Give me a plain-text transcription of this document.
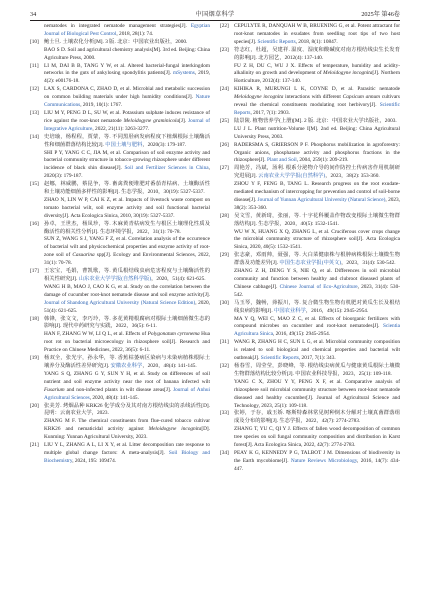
34	中国烟草科学	2025年 第46卷

nematodes in integrated nematode management strategies[J]. Egyptian Journal of Biological Pest Control, 2018, 28(1): 74.

[10] 鲍士旦. 土壤农化分析[M]. 3 版. 北京：中国农业出版社，2000.

BAO S D. Soil and agricultural chemistry analysis[M]. 3rd ed. Beijing: China Agriculture Press, 2000.

[11] LI M, DAI B B, TANG Y W, et al. Altered bacterial-fungal interkingdom networks in the guts of ankylosing spondylitis patients[J]. mSystems, 2019, 4(2): e00176-18.

[12] LAX S, CARDONA C, ZHAO D, et al. Microbial and metabolic succession on common building materials under high humidity conditions[J]. Nature Communications, 2019, 10(1): 1767.

[13] LIU M Y, PENG D L, SU W, et al. Potassium sulphate induces resistance of rice against the root-knot nematode Meloidogyne graminicola[J]. Journal of Integrative Agriculture, 2022, 21(11): 3263-3277.

[14] 史培瑜，杨程程，贾蒙，等. 不同黑胫病发病程度下植烟根际土壤酶活性和细菌群落结构比较[J]. 中国土壤与肥料，2020(3): 179-187.

SHI P Y, YANG C C, JIA M, et al. Comparison of soil enzyme activity and bacterial community structure in tobacco-growing rhizosphere under different incidence of black shin disease[J]. Soil and Fertilizer Sciences in China, 2020(3): 179-187.

[15] 赵娜，林威鹏，蔡昆争，等. 畜禽粪便堆肥对番茄青枯病、土壤酶活性和土壤功能细菌多样性的影响[J]. 生态学报，2010，30(19): 5327-5337.

ZHAO N, LIN W P, CAI K Z, et al. Impacts of livestock waste compost on tomato bacterial wilt, soil enzyme activity and soil functional bacterial diversity[J]. Acta Ecologica Sinica, 2010, 30(19): 5327-5337.

[16] 孙卓，王世杰，杨凤珍，等. 木麻黄青枯病发生与根区土壤理化性质及酶活性的相关性分析[J]. 生态环境学报，2022，31(1): 70-78.

SUN Z, WANG S J, YANG F Z, et al. Correlation analysis of the occurrence of bacterial wilt and physicochemical properties and enzyme activity of root-zone soil of Casuarina spp[J]. Ecology and Environmental Sciences, 2022, 31(1): 70-78.

[17] 王宏宝，毛娟，曹凯歌，等. 黄瓜根结线虫病危害程度与土壤酶活性的相关性研究[J]. 山东农业大学学报(自然科学版)，2020，51(4): 621-625.

WANG H B, MAO J, CAO K G, et al. Study on the correlation between the damage of cucumber root-knot nematode disease and soil enzyme activity[J]. Journal of Shandong Agricultural University (Natural Science Edition), 2020, 51(4): 621-625.

[18] 韩锋，张文文，李巧玲，等. 多花黄精根腐病对根际土壤细菌微生态的影响[J]. 现代中药研究与实践，2022，36(5): 6-11.

HAN F, ZHANG W W, LI Q L, et al. Effects of Polygonatum cyrtonema Hua root rot on bacterial microecology in rhizosphere soil[J]. Research and Practice on Chinese Medicines, 2022, 36(5): 6-11.

[19] 杨双全，张光宇，孙永华，等. 香蕉枯萎病区染病与未染病植株根际土壤养分及酶活性差异研究[J]. 安徽农业科学，2020，48(4): 141-145.

YANG S Q, ZHANG G Y, SUN Y H, et al. Study on differences of soil nutrient and soil enzyme activity near the root of banana infected wilt Fusarium and non-infected plants in wilt disease areas[J]. Journal of Anhui Agricultural Sciences, 2020, 48(4): 141-145.

[20] 张美芳. 烤烟品种 KRK26 化学成分及其对南方根结线虫的杀线活性[D]. 昆明：云南农业大学，2023.

ZHANG M F. The chemical constituents from flue-cured tobacco cultivar KRK26 and nematicidal activity against Meloidogyne incognita[D]. Kunming: Yunnan Agricultural University, 2023.

[21] LIU Y L, ZHANG A L, LI X Y, et al. Litter decomposition rate response to multiple global change factors: A meta-analysis[J]. Soil Biology and Biochemistry, 2024, 195: 109474.

[22] CEPULYTE R, DANQUAH W B, BRUENING G, et al. Potent attractant for root-knot nematodes in exudates from seedling root tips of two host species[J]. Scientific Reports, 2018, 8(1): 10847.

[23] 符志红，杜超，吴建祥. 温度、湿度和酸碱度对南方根结线虫生长发育的影响[J]. 北方园艺，2012(4): 137-140.

FU Z H, DU C, WU J X. Effects of temperature, humidity and acidity-alkalinity on growth and development of Meloidogyne incognita[J]. Northern Horticulture, 2012(4): 137-140.

[24] KIHIKA R, MURUNGI L K, COYNE D, et al. Parasitic nematode Meloidogyne incognita interactions with different Capsicum annum cultivars reveal the chemical constituents modulating root herbivory[J]. Scientific Reports, 2017, 7(1): 2903.

[25] 陆景陵. 植物营养学(上册)[M]. 2 版. 北京：中国农业大学出版社，2003.

LU J L. Plant nutrition-Volume I[M]. 2nd ed. Beijing: China Agricultural University Press, 2003.

[26] RADERSMA S, GRIERSON P F. Phosphorus mobilization in agroforestry: Organic anions, phosphatase activity and phosphorus fractions in the rhizosphere[J]. Plant and Soil, 2004, 259(1): 209-219.

[27] 周艳芳，冯斌，汤利. 根系分泌物介导的间作防控土传病害作用机制研究进展[J]. 云南农业大学学报(自然科学)，2023，38(2): 353-360.

ZHOU Y F, FENG B, TANG L. Research progress on the root exudate-mediated mechanism of intercropping for prevention and control of soil-borne disease[J]. Journal of Yunnan Agricultural University (Natural Science), 2023, 38(2): 353-360.

[28] 吴文雪，黄新琦，张丽，等. 十字花科覆盖作物改变根际土壤微生物群落结构[J]. 生态学报，2020，40(5): 1532-1541.

WU W X, HUANG X Q, ZHANG L, et al. Cruciferous cover crops change the microbial community structure of rhizosphere soil[J]. Acta Ecologica Sinica, 2020, 40(5): 1532-1541.

[29] 张志豪，邓雨帅，聂强，等. 大白菜健康株与根肿病株根际土壤微生物群落及功能差异[J]. 中国生态农业学报(中英文)，2023，31(4): 530-542.

ZHANG Z H, DENG Y S, NIE Q, et al. Differences in soil microbial community and function between healthy and clubroot diseased plants of Chinese cabbage[J]. Chinese Journal of Eco-Agriculture, 2023, 31(4): 530-542.

[30] 马玉琴，魏畅，茆振川，等. 复合微生物生物有机肥对黄瓜生长及根结线虫病的影响[J]. 中国农业科学，2016，49(15): 2945-2954.

MA Y Q, WEI C, MAO Z C, et al. Effects of bioorganic fertilizers with compound microbes on cucumber and root-knot nematodes[J]. Scientia Agricultura Sinica, 2016, 49(15): 2945-2954.

[31] WANG R, ZHANG H C, SUN L G, et al. Microbial community composition is related to soil biological and chemical properties and bacterial wilt outbreak[J]. Scientific Reports, 2017, 7(1): 343.

[32] 杨春雪，周莹莹，彭晓峰，等. 根结线虫病黄瓜与健康黄瓜根际土壤微生物群落结构比较分析[J]. 中国农业科技导报，2023，25(1): 109-118.

YANG C X, ZHOU Y Y, PENG X F, et al. Comparative analysis of rhizosphere soil microbial community structure between root-knot nematode diseased and healthy cucumber[J]. Journal of Agricultural Science and Technology, 2023, 25(1): 109-118.

[33] 张婷，于存，戚玉娇. 喀斯特森林常见树种倒木分解对土壤真菌群落组成及分布的影响[J]. 生态学报，2022，42(7): 2774-2783.

ZHANG T, YU C, QI Y J. Effects of fallen wood decomposition of common tree species on soil fungal community composition and distribution in Karst forest[J]. Acta Ecologica Sinica, 2022, 42(7): 2774-2783.

[34] PEAY K G, KENNEDY P G, TALBOT J M. Dimensions of biodiversity in the Earth mycobiome[J]. Nature Reviews Microbiology, 2016, 14(7): 434-447.
